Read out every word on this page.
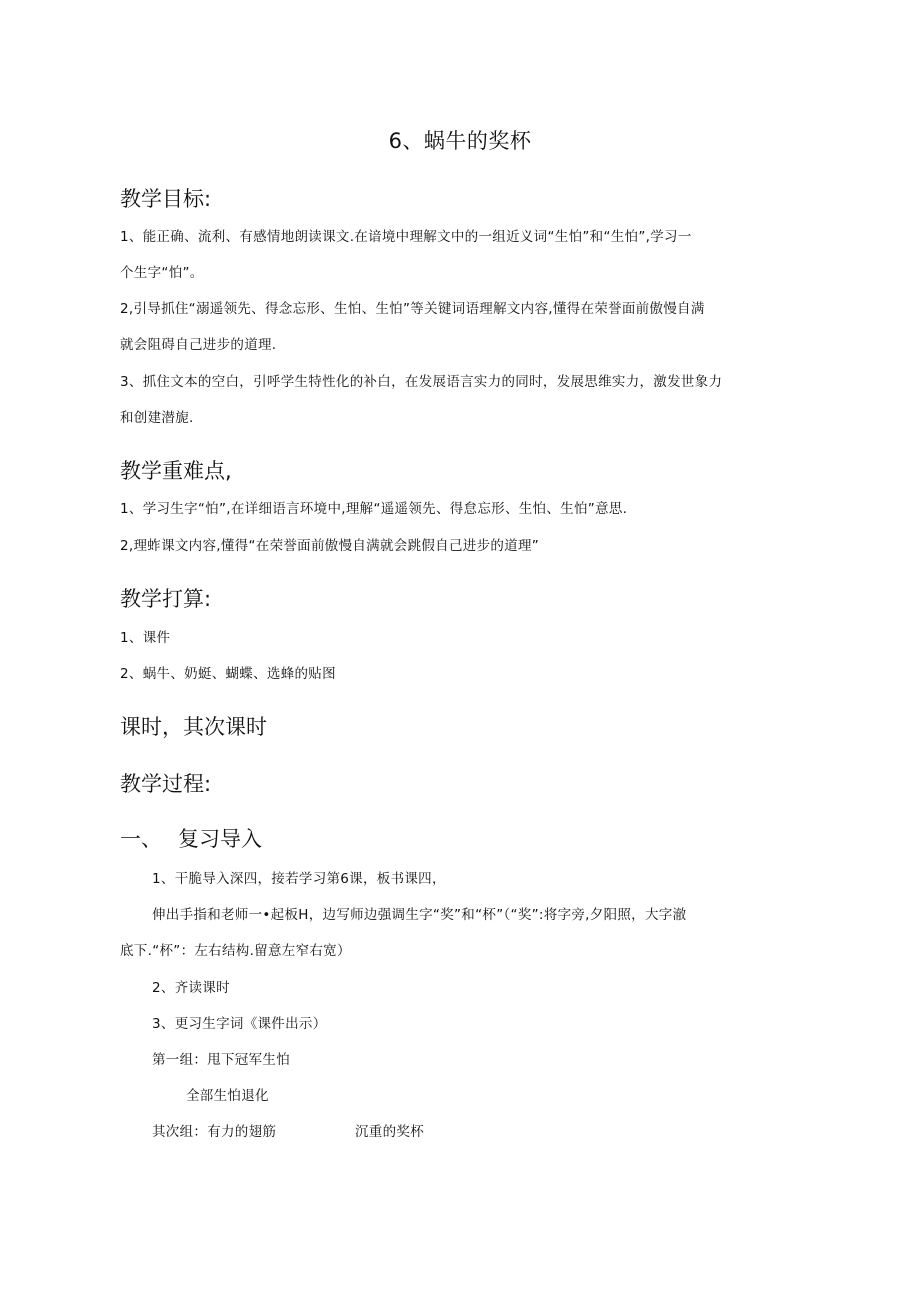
6、蜗牛的奖杯
教学目标:
1、能正确、流利、有感情地朗读课文.在谙境中理解文中的一组近义词“生怕”和“生怕”,学习一
个生字“怕”。
2,引导抓住“溺遥领先、得念忘形、生怕、生怕”等关键词语理解文内容,懂得在荣誉面前傲慢自满
就会阻碍自己进步的道理.
3、抓住文本的空白，引呼学生特性化的补白，在发展语言实力的同时，发展思维实力，激发世象力
和创建潜旎.
教学重难点,
1、学习生字“怕”,在详细语言环境中,理解“遥遥领先、得怠忘形、生怕、生怕”意思.
2,理蚱课文内容,懂得“在荣誉面前傲慢自满就会跳假自己进步的道理”
教学打算:
1、课件
2、蜗牛、奶蜓、蝴蝶、选蜂的贴图
课时，其次课时
教学过程:
一、 复习导入
1、干脆导入深四，接若学习第6课，板书课四，
伸出手指和老师一•起板H，边写师边强调生字“奖”和“杯”（“奖”:将字旁,夕阳照，大字澈
底下.“杯”：左右结构.留意左窄右宽）
2、齐读课时
3、更习生字词《课件出示）
第一组：甩下冠军生怕
全部生怕退化
其次组：有力的翅筋	沉重的奖杯
